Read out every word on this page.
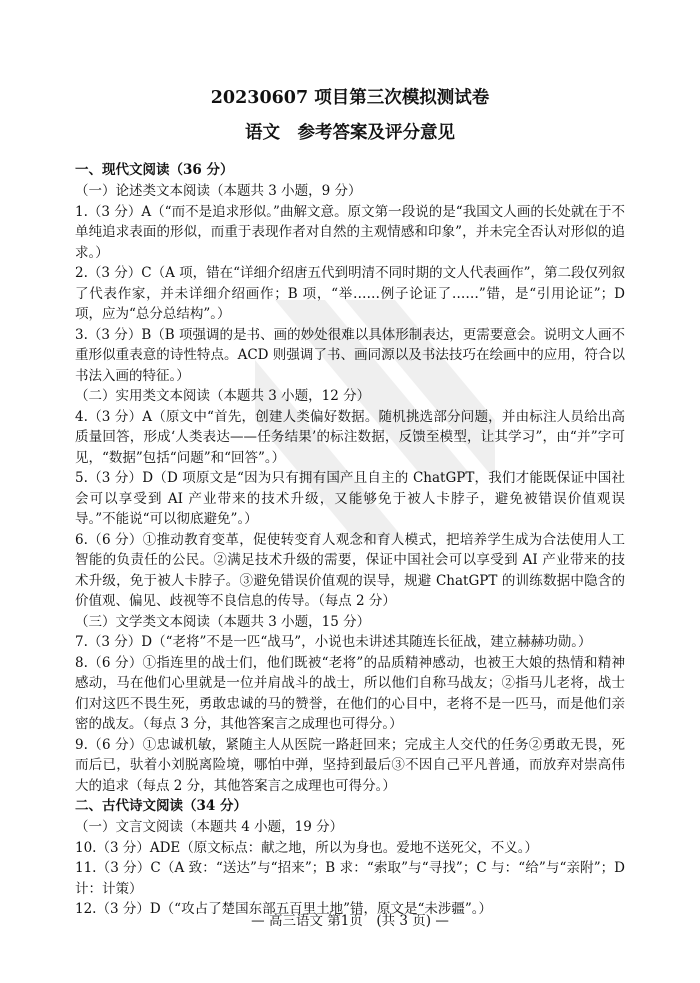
20230607 项目第三次模拟测试卷
语文　参考答案及评分意见

一、现代文阅读（36 分）

（一）论述类文本阅读（本题共 3 小题，9 分）

1.（3 分）A（“而不是追求形似。”曲解文意。原文第一段说的是“我国文人画的长处就在于不单纯追求表面的形似，而重于表现作者对自然的主观情感和印象”，并未完全否认对形似的追求。）

2.（3 分）C（A 项，错在“详细介绍唐五代到明清不同时期的文人代表画作”，第二段仅列叙了代表作家，并未详细介绍画作；B 项，“举……例子论证了……”错，是“引用论证”；D 项，应为“总分总结构”。）

3.（3 分）B（B 项强调的是书、画的妙处很难以具体形制表达，更需要意会。说明文人画不重形似重表意的诗性特点。ACD 则强调了书、画同源以及书法技巧在绘画中的应用，符合以书法入画的特征。）

（二）实用类文本阅读（本题共 3 小题，12 分）

4.（3 分）A（原文中“首先，创建人类偏好数据。随机挑选部分问题，并由标注人员给出高质量回答，形成‘人类表达——任务结果’的标注数据，反馈至模型，让其学习”，由“并”字可见，“数据”包括“问题”和“回答”。）

5.（3 分）D（D 项原文是“因为只有拥有国产且自主的 ChatGPT，我们才能既保证中国社会可以享受到 AI 产业带来的技术升级，又能够免于被人卡脖子，避免被错误价值观误导。”不能说“可以彻底避免”。）

6.（6 分）①推动教育变革，促使转变育人观念和育人模式，把培养学生成为合法使用人工智能的负责任的公民。②满足技术升级的需要，保证中国社会可以享受到 AI 产业带来的技术升级，免于被人卡脖子。③避免错误价值观的误导，规避 ChatGPT 的训练数据中隐含的价值观、偏见、歧视等不良信息的传导。（每点 2 分）

（三）文学类文本阅读（本题共 3 小题，15 分）

7.（3 分）D（“老将”不是一匹“战马”，小说也未讲述其随连长征战，建立赫赫功勋。）

8.（6 分）①指连里的战士们，他们既被“老将”的品质精神感动，也被王大娘的热情和精神感动，马在他们心里就是一位并肩战斗的战士，所以他们自称马战友；②指马儿老将，战士们对这匹不畏生死，勇敢忠诚的马的赞誉，在他们的心目中，老将不是一匹马，而是他们亲密的战友。（每点 3 分，其他答案言之成理也可得分。）

9.（6 分）①忠诚机敏，紧随主人从医院一路赶回来；完成主人交代的任务②勇敢无畏，死而后已，驮着小刘脱离险境，哪怕中弹，坚持到最后③不因自己平凡普通，而放弃对崇高伟大的追求（每点 2 分，其他答案言之成理也可得分。）

二、古代诗文阅读（34 分）

（一）文言文阅读（本题共 4 小题，19 分）

10.（3 分）ADE（原文标点：献之地，所以为身也。爱地不送死父，不义。）

11.（3 分）C（A 致：“送达”与“招来”；B 求：“索取”与“寻找”；C 与：“给”与“亲附”；D 计：计策）

12.（3 分）D（“攻占了楚国东部五百里土地”错，原文是“未涉疆”。）

— 高三语文 第1页　(共 3 页) —
